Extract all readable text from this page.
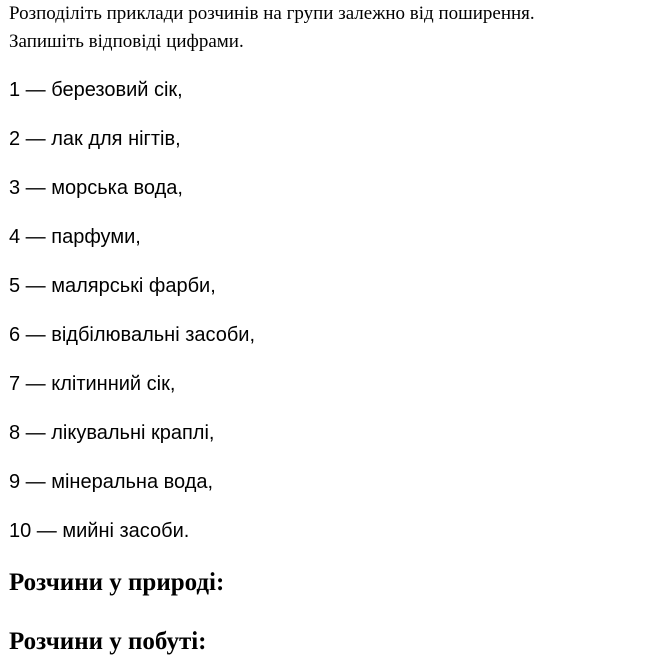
Розподіліть приклади розчинів на групи залежно від поширення.
Запишіть відповіді цифрами.
1 — березовий сік,
2 — лак для нігтів,
3 — морська вода,
4 — парфуми,
5 — малярські фарби,
6 — відбілювальні засоби,
7 — клітинний сік,
8 — лікувальні краплі,
9 — мінеральна вода,
10 — мийні засоби.
Розчини у природі:
Розчини у побуті:
